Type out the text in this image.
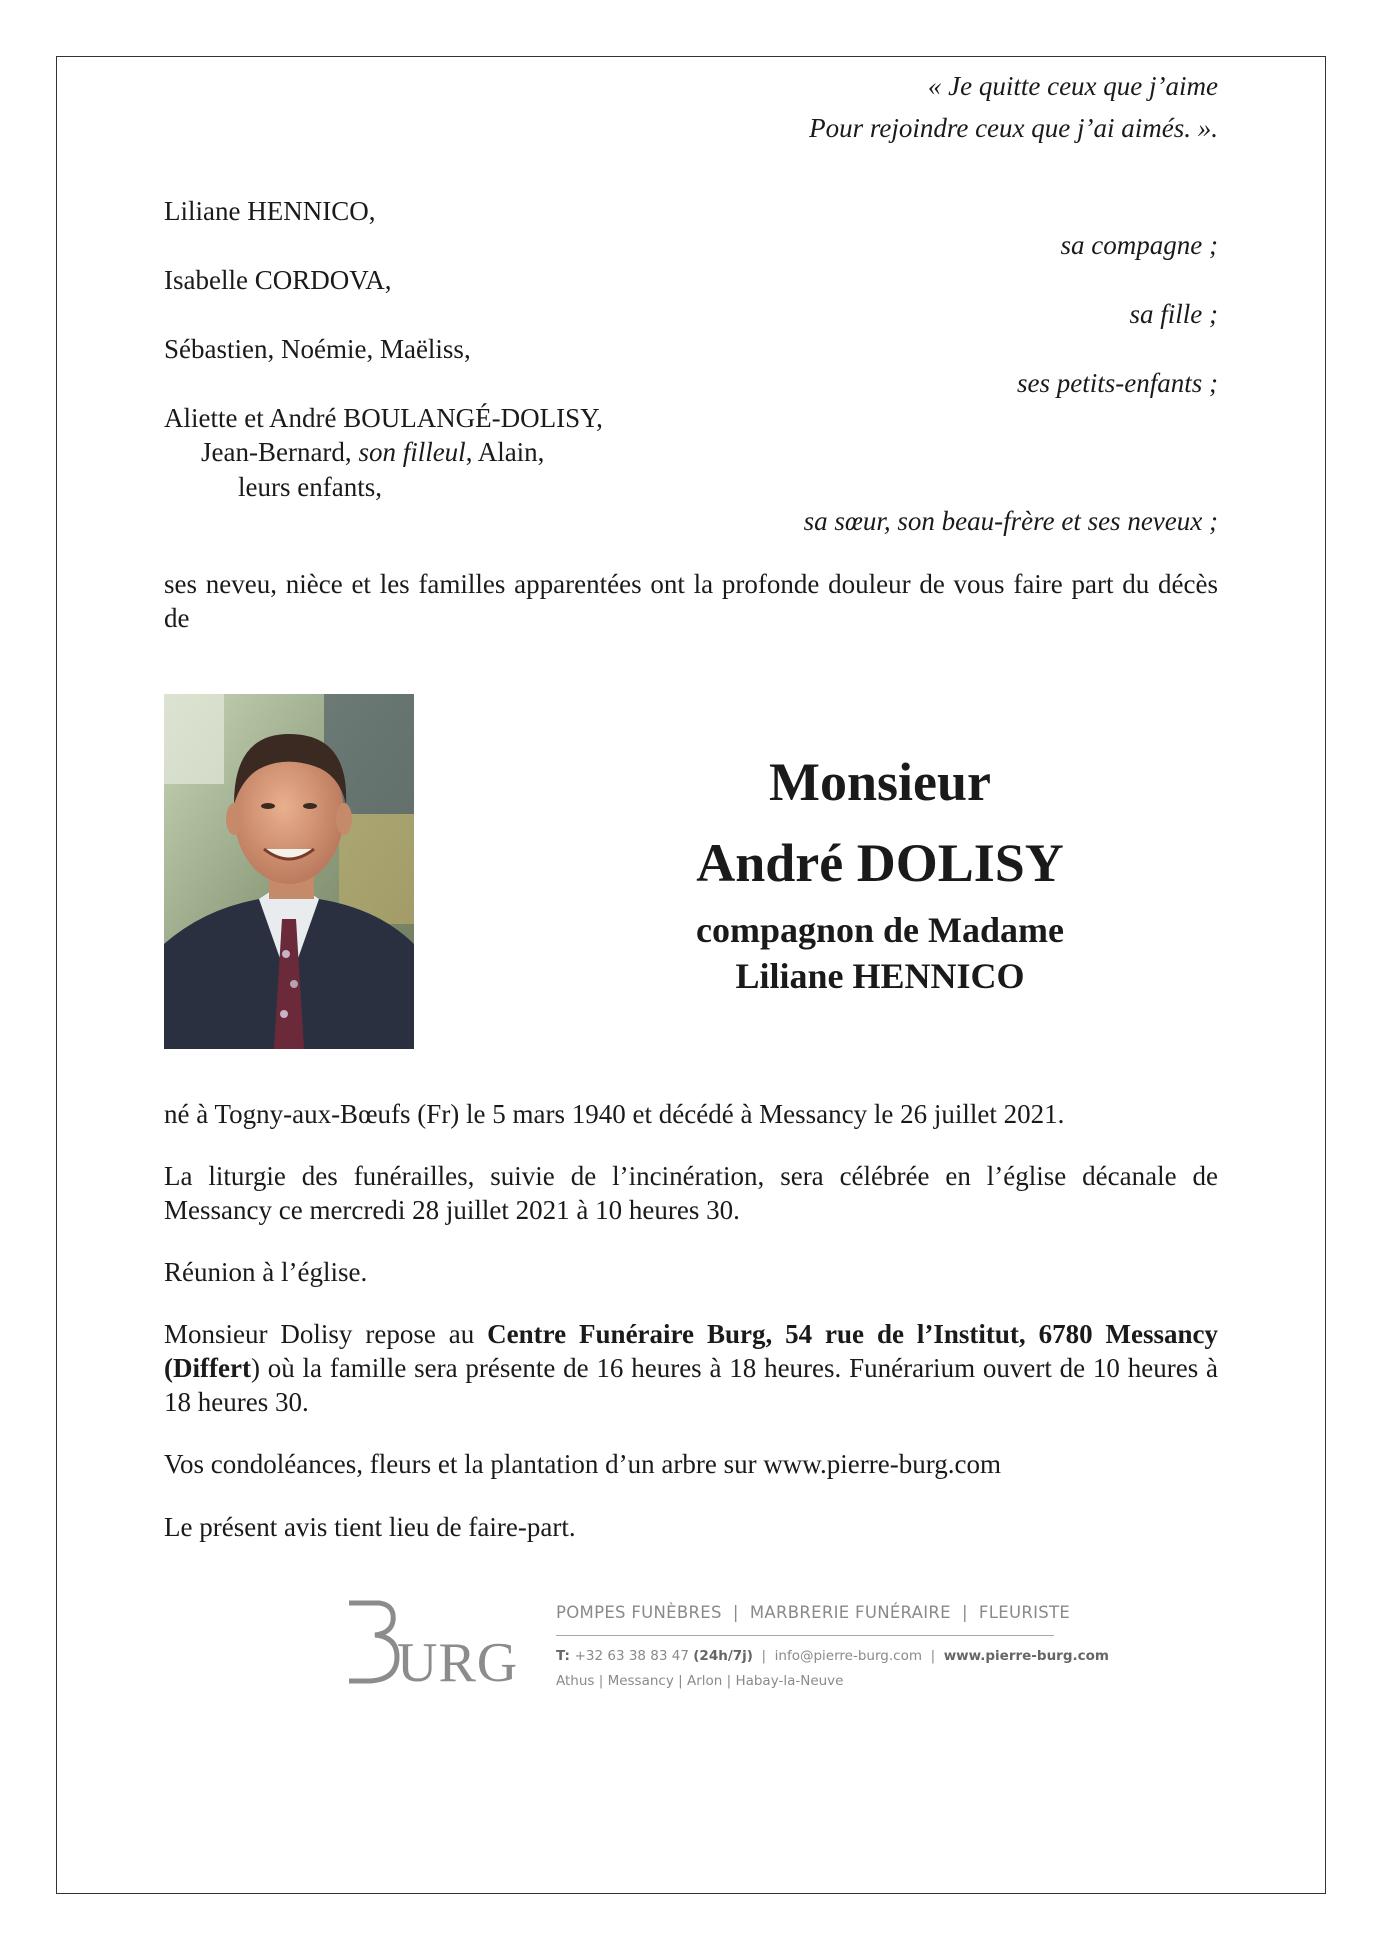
« Je quitte ceux que j’aime
Pour rejoindre ceux que j’ai aimés. ».
Liliane HENNICO,
sa compagne ;
Isabelle CORDOVA,
sa fille ;
Sébastien, Noémie, Maëliss,
ses petits-enfants ;
Aliette et André BOULANGÉ-DOLISY,
Jean-Bernard, son filleul, Alain,
leurs enfants,
sa sœur, son beau-frère et ses neveux ;
ses neveu, nièce et les familles apparentées ont la profonde douleur de vous faire part du décès de
Monsieur
André DOLISY
compagnon de Madame
Liliane HENNICO
né à Togny-aux-Bœufs (Fr) le 5 mars 1940 et décédé à Messancy le 26 juillet 2021.
La liturgie des funérailles, suivie de l’incinération, sera célébrée en l’église décanale de Messancy ce mercredi 28 juillet 2021 à 10 heures 30.
Réunion à l’église.
Monsieur Dolisy repose au Centre Funéraire Burg, 54 rue de l’Institut, 6780 Messancy (Differt) où la famille sera présente de 16 heures à 18 heures. Funérarium ouvert de 10 heures à 18 heures 30.
Vos condoléances, fleurs et la plantation d’un arbre sur www.pierre-burg.com
Le présent avis tient lieu de faire-part.
URG
POMPES FUNÈBRES  |  MARBRERIE FUNÉRAIRE  |  FLEURISTE
T: +32 63 38 83 47 (24h/7j)  |  info@pierre-burg.com  |  www.pierre-burg.com
Athus | Messancy | Arlon | Habay-la-Neuve
